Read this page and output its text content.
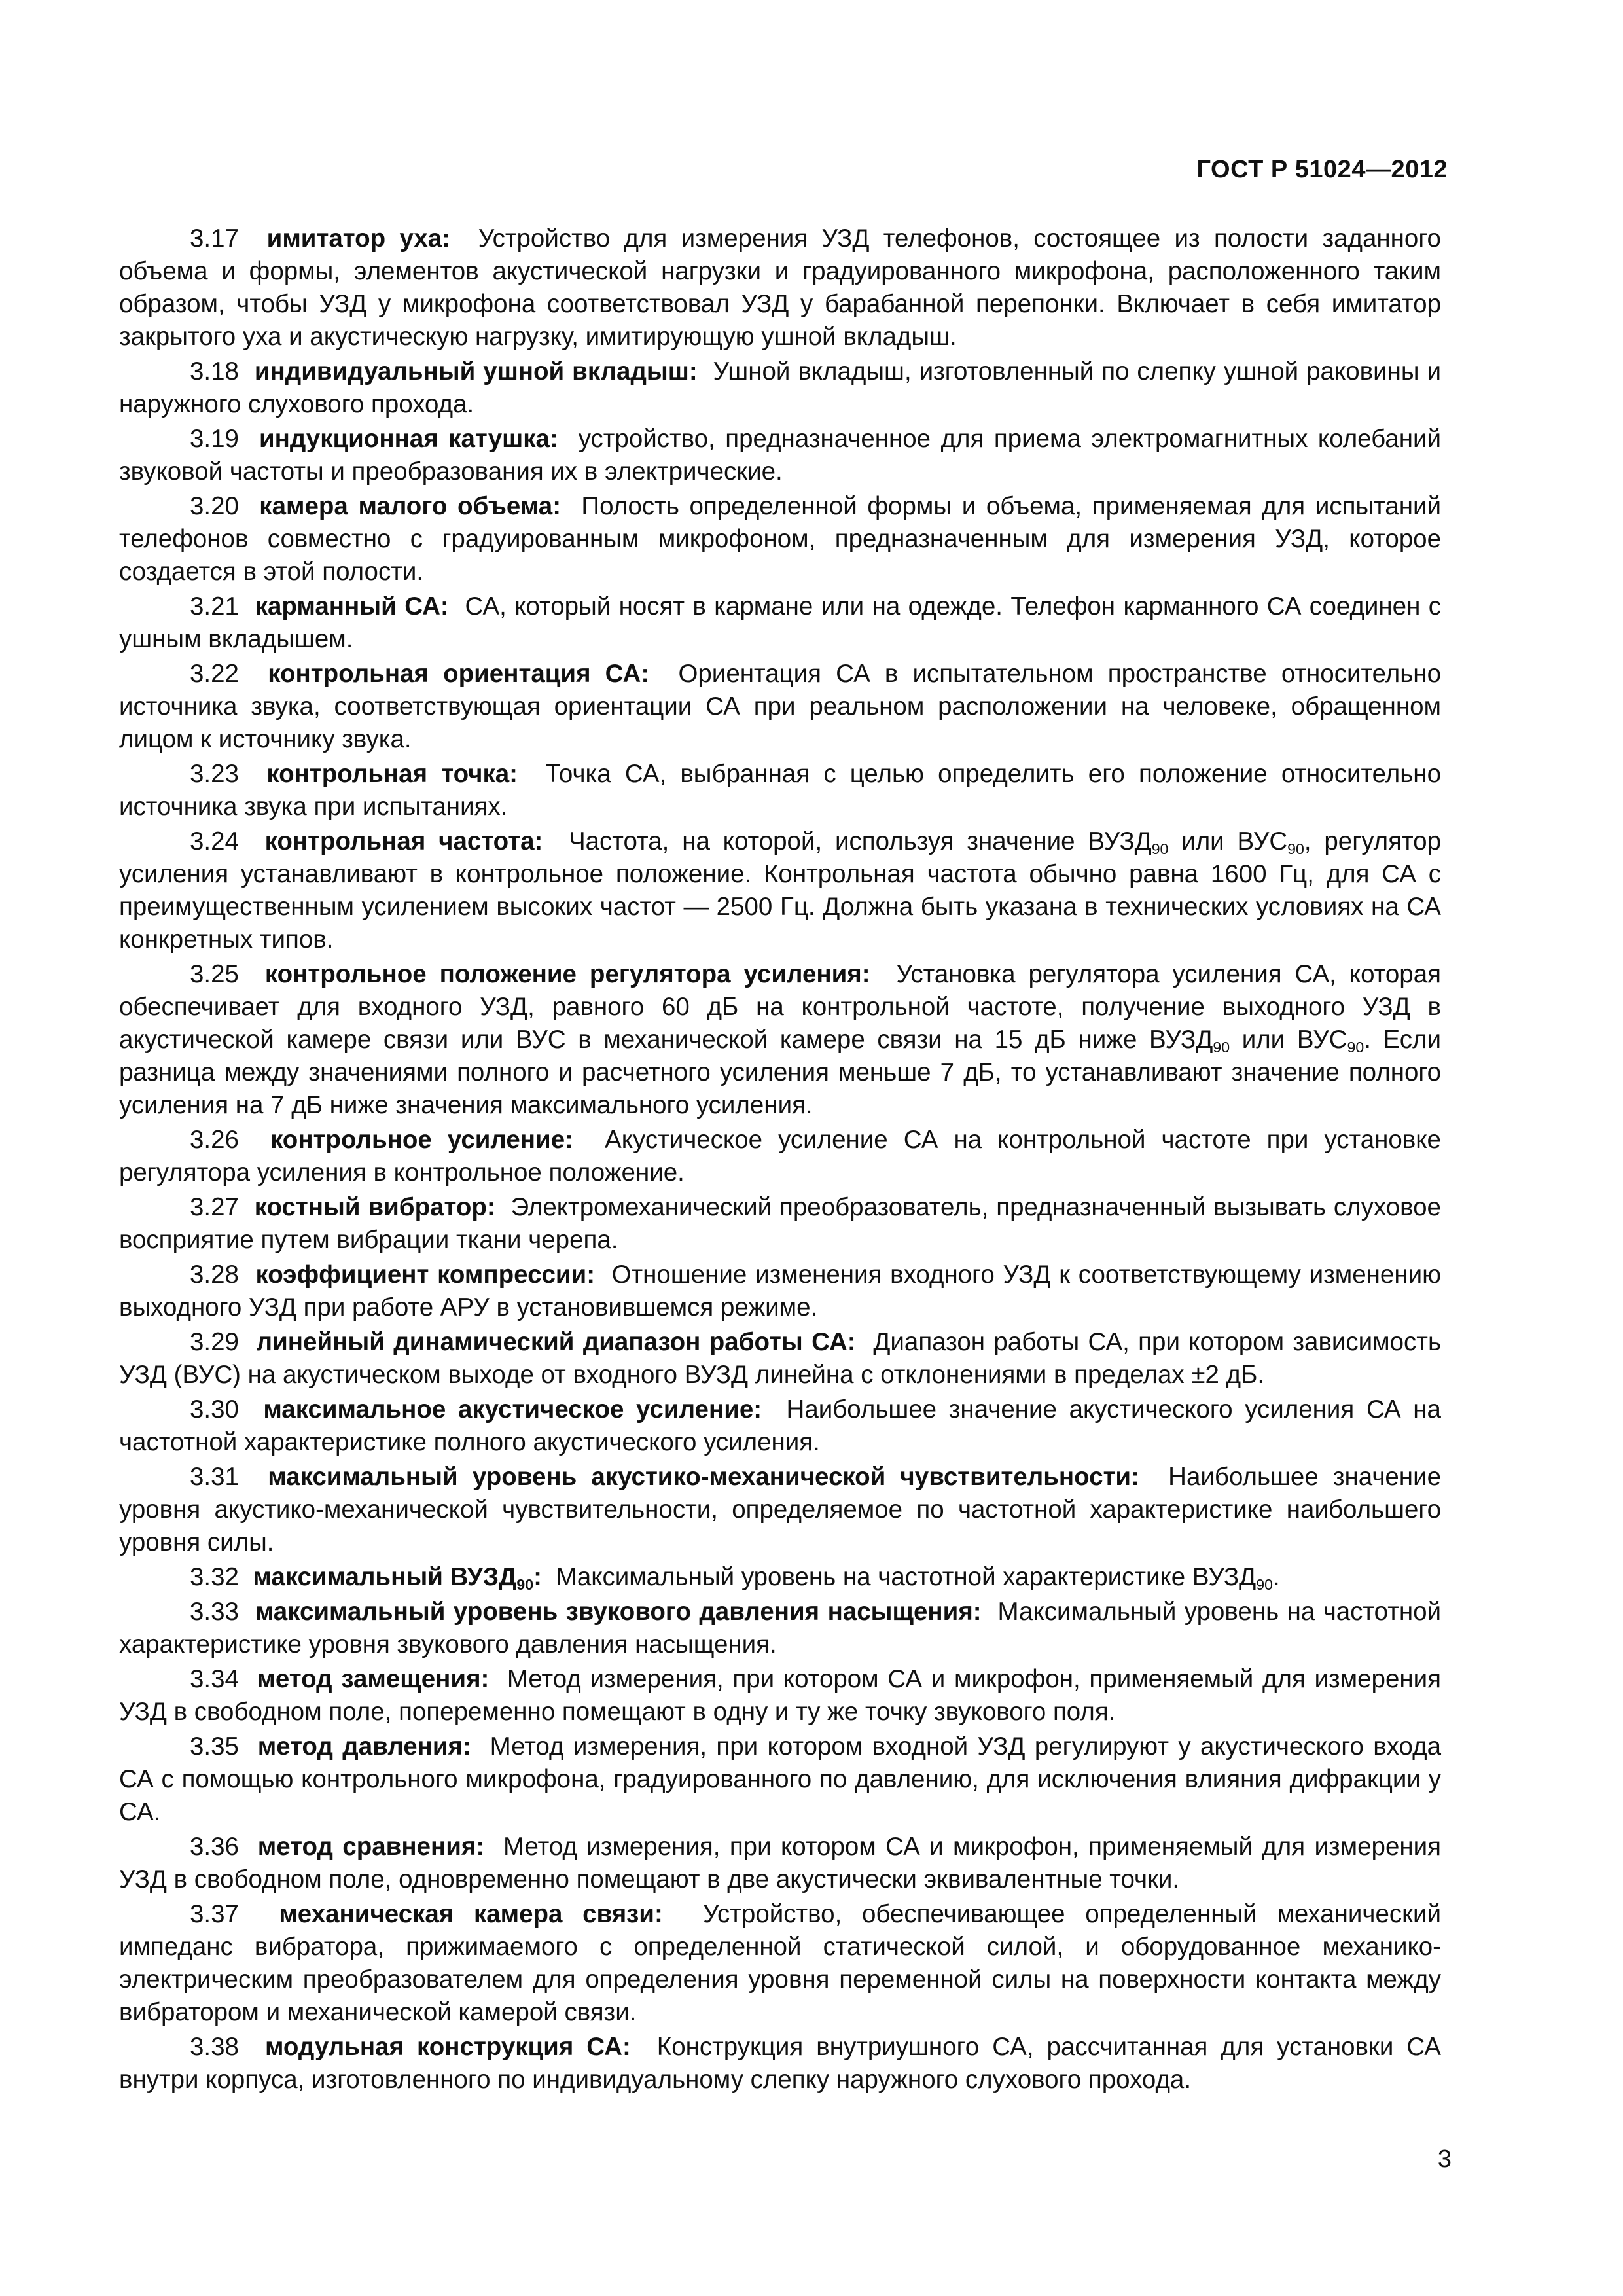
ГОСТ Р 51024—2012

3.17 имитатор уха: Устройство для измерения УЗД телефонов, состоящее из полости заданного объема и формы, элементов акустической нагрузки и градуированного микрофона, расположенного таким образом, чтобы УЗД у микрофона соответствовал УЗД у барабанной перепонки. Включает в себя имитатор закрытого уха и акустическую нагрузку, имитирующую ушной вкладыш.

3.18 индивидуальный ушной вкладыш: Ушной вкладыш, изготовленный по слепку ушной раковины и наружного слухового прохода.

3.19 индукционная катушка: устройство, предназначенное для приема электромагнитных колебаний звуковой частоты и преобразования их в электрические.

3.20 камера малого объема: Полость определенной формы и объема, применяемая для испытаний телефонов совместно с градуированным микрофоном, предназначенным для измерения УЗД, которое создается в этой полости.

3.21 карманный СА: СА, который носят в кармане или на одежде. Телефон карманного СА соединен с ушным вкладышем.

3.22 контрольная ориентация СА: Ориентация СА в испытательном пространстве относительно источника звука, соответствующая ориентации СА при реальном расположении на человеке, обращенном лицом к источнику звука.

3.23 контрольная точка: Точка СА, выбранная с целью определить его положение относительно источника звука при испытаниях.

3.24 контрольная частота: Частота, на которой, используя значение $ВУЗД_{90}$ или $ВУС_{90}$, регулятор усиления устанавливают в контрольное положение. Контрольная частота обычно равна 1600 Гц, для СА с преимущественным усилением высоких частот — 2500 Гц. Должна быть указана в технических условиях на СА конкретных типов.

3.25 контрольное положение регулятора усиления: Установка регулятора усиления СА, которая обеспечивает для входного УЗД, равного 60 дБ на контрольной частоте, получение выходного УЗД в акустической камере связи или ВУС в механической камере связи на 15 дБ ниже $ВУЗД_{90}$ или $ВУС_{90}$. Если разница между значениями полного и расчетного усиления меньше 7 дБ, то устанавливают значение полного усиления на 7 дБ ниже значения максимального усиления.

3.26 контрольное усиление: Акустическое усиление СА на контрольной частоте при установке регулятора усиления в контрольное положение.

3.27 костный вибратор: Электромеханический преобразователь, предназначенный вызывать слуховое восприятие путем вибрации ткани черепа.

3.28 коэффициент компрессии: Отношение изменения входного УЗД к соответствующему изменению выходного УЗД при работе АРУ в установившемся режиме.

3.29 линейный динамический диапазон работы СА: Диапазон работы СА, при котором зависимость УЗД (ВУС) на акустическом выходе от входного ВУЗД линейна с отклонениями в пределах ±2 дБ.

3.30 максимальное акустическое усиление: Наибольшее значение акустического усиления СА на частотной характеристике полного акустического усиления.

3.31 максимальный уровень акустико-механической чувствительности: Наибольшее значение уровня акустико-механической чувствительности, определяемое по частотной характеристике наибольшего уровня силы.

3.32 максимальный $ВУЗД_{90}$: Максимальный уровень на частотной характеристике $ВУЗД_{90}$.

3.33 максимальный уровень звукового давления насыщения: Максимальный уровень на частотной характеристике уровня звукового давления насыщения.

3.34 метод замещения: Метод измерения, при котором СА и микрофон, применяемый для измерения УЗД в свободном поле, попеременно помещают в одну и ту же точку звукового поля.

3.35 метод давления: Метод измерения, при котором входной УЗД регулируют у акустического входа СА с помощью контрольного микрофона, градуированного по давлению, для исключения влияния дифракции у СА.

3.36 метод сравнения: Метод измерения, при котором СА и микрофон, применяемый для измерения УЗД в свободном поле, одновременно помещают в две акустически эквивалентные точки.

3.37 механическая камера связи: Устройство, обеспечивающее определенный механический импеданс вибратора, прижимаемого с определенной статической силой, и оборудованное механико-электрическим преобразователем для определения уровня переменной силы на поверхности контакта между вибратором и механической камерой связи.

3.38 модульная конструкция СА: Конструкция внутриушного СА, рассчитанная для установки СА внутри корпуса, изготовленного по индивидуальному слепку наружного слухового прохода.

3
